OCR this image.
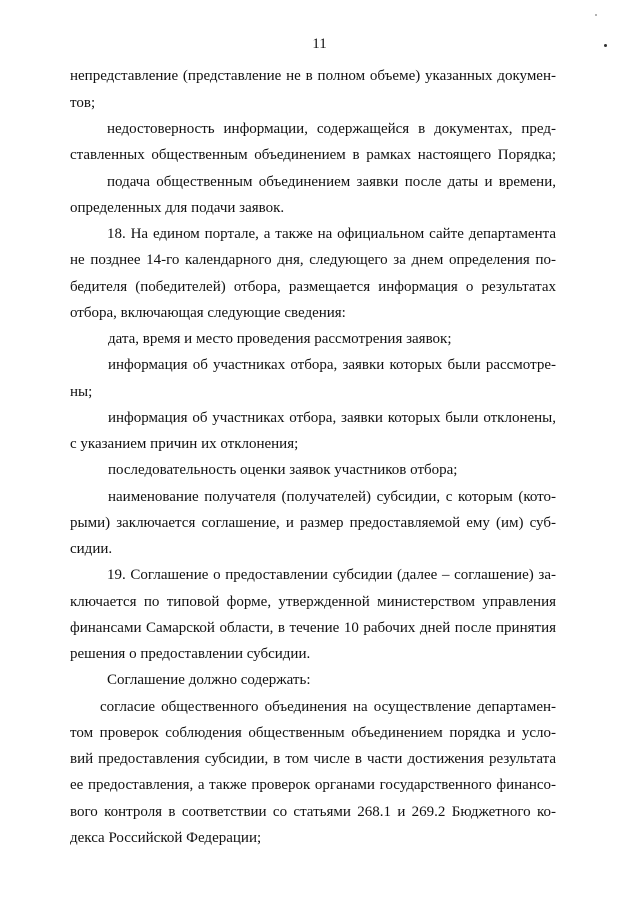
11
непредставление (представление не в полном объеме) указанных докумен-
тов;
недостоверность информации, содержащейся в документах, пред-
ставленных общественным объединением в рамках настоящего Порядка;
подача общественным объединением заявки после даты и времени,
определенных для подачи заявок.
18. На едином портале, а также на официальном сайте департамента
не позднее 14-го календарного дня, следующего за днем определения по-
бедителя (победителей) отбора, размещается информация о результатах
отбора, включающая следующие сведения:
дата, время и место проведения рассмотрения заявок;
информация об участниках отбора, заявки которых были рассмотре-
ны;
информация об участниках отбора, заявки которых были отклонены,
с указанием причин их отклонения;
последовательность оценки заявок участников отбора;
наименование получателя (получателей) субсидии, с которым (кото-
рыми) заключается соглашение, и размер предоставляемой ему (им) суб-
сидии.
19. Соглашение о предоставлении субсидии (далее – соглашение) за-
ключается по типовой форме, утвержденной министерством управления
финансами Самарской области, в течение 10 рабочих дней после принятия
решения о предоставлении субсидии.
Соглашение должно содержать:
согласие общественного объединения на осуществление департамен-
том проверок соблюдения общественным объединением порядка и усло-
вий предоставления субсидии, в том числе в части достижения результата
ее предоставления, а также проверок органами государственного финансо-
вого контроля в соответствии со статьями 268.1 и 269.2 Бюджетного ко-
декса Российской Федерации;
